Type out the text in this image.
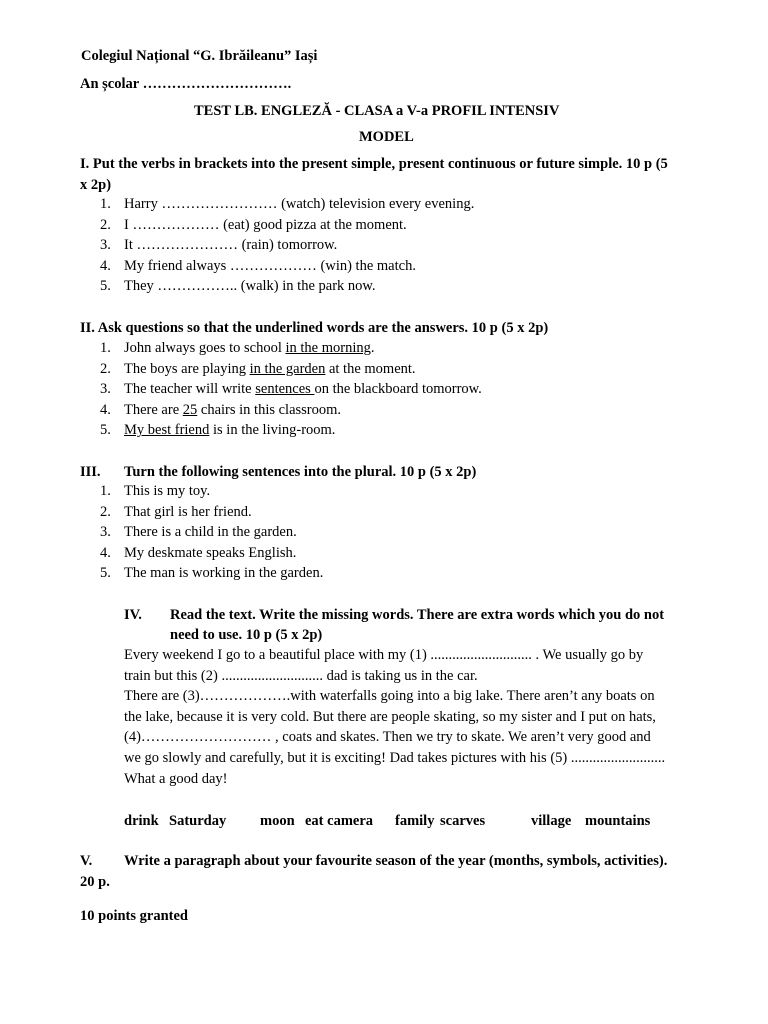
Colegiul Național “G. Ibrăileanu” Iași
An școlar ………………………….
TEST LB. ENGLEZĂ - CLASA a V-a PROFIL INTENSIV
MODEL
I. Put the verbs in brackets into the present simple, present continuous or future simple. 10 p (5
x 2p)
1. Harry …………………… (watch) television every evening.
2. I ……………… (eat) good pizza at the moment.
3. It ………………… (rain) tomorrow.
4. My friend always ……………… (win) the match.
5. They …………….. (walk) in the park now.
II. Ask questions so that the underlined words are the answers. 10 p (5 x 2p)
1. John always goes to school in the morning.
2. The boys are playing in the garden at the moment.
3. The teacher will write sentences on the blackboard tomorrow.
4. There are 25 chairs in this classroom.
5. My best friend is in the living-room.
III. Turn the following sentences into the plural. 10 p (5 x 2p)
1. This is my toy.
2. That girl is her friend.
3. There is a child in the garden.
4. My deskmate speaks English.
5. The man is working in the garden.
IV. Read the text. Write the missing words. There are extra words which you do not
need to use. 10 p (5 x 2p)

Every weekend I go to a beautiful place with my (1) ............................ . We usually go by

train but this (2) ............................ dad is taking us in the car.

There are (3)……………….with waterfalls going into a big lake. There aren’t any boats on

the lake, because it is very cold. But there are people skating, so my sister and I put on hats,

(4)……………………… , coats and skates. Then we try to skate. We aren’t very good and

we go slowly and carefully, but it is exciting! Dad takes pictures with his (5) ..........................

What a good day!

drink Saturday moon eat camera family scarves	village mountains
V. Write a paragraph about your favourite season of the year (months, symbols, activities).
20 p.
10 points granted
